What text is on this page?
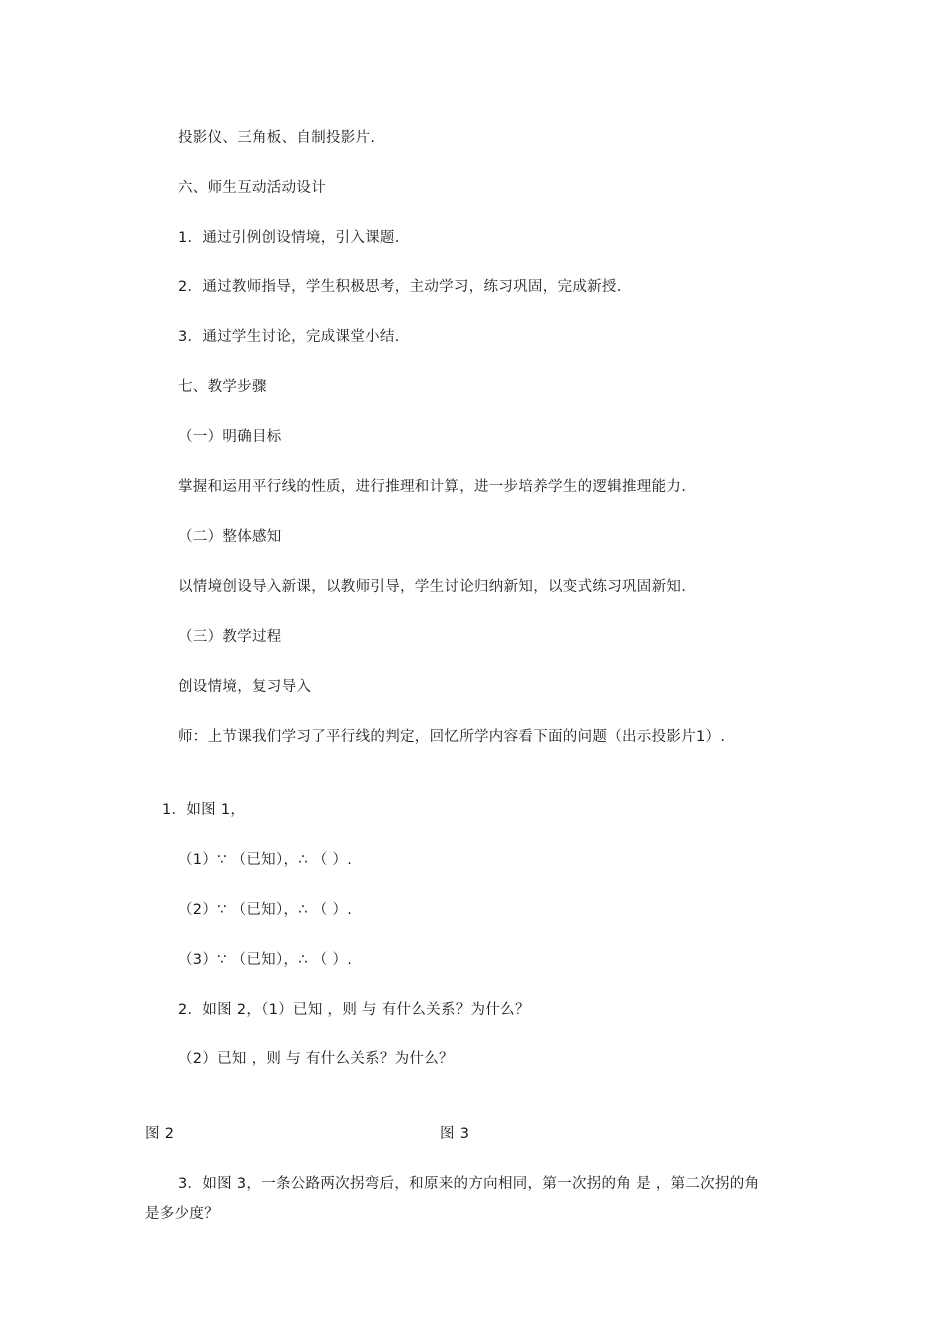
投影仪、三角板、自制投影片.
六、师生互动活动设计
1．通过引例创设情境，引入课题.
2．通过教师指导，学生积极思考，主动学习，练习巩固，完成新授.
3．通过学生讨论，完成课堂小结.
七、教学步骤
（一）明确目标
掌握和运用平行线的性质，进行推理和计算，进一步培养学生的逻辑推理能力.
（二）整体感知
以情境创设导入新课，以教师引导，学生讨论归纳新知，以变式练习巩固新知.
（三）教学过程
创设情境，复习导入
师：上节课我们学习了平行线的判定，回忆所学内容看下面的问题（出示投影片1）.
1．如图 1，
（1）∵ （已知），∴ （ ）.
（2）∵ （已知），∴ （ ）.
（3）∵ （已知），∴ （ ）.
2．如图 2，（1）已知 ，则 与 有什么关系？为什么？
（2）已知 ，则 与 有什么关系？为什么？
图 2	图 3
3．如图 3，一条公路两次拐弯后，和原来的方向相同，第一次拐的角 是 ，第二次拐的角 是多少度？
